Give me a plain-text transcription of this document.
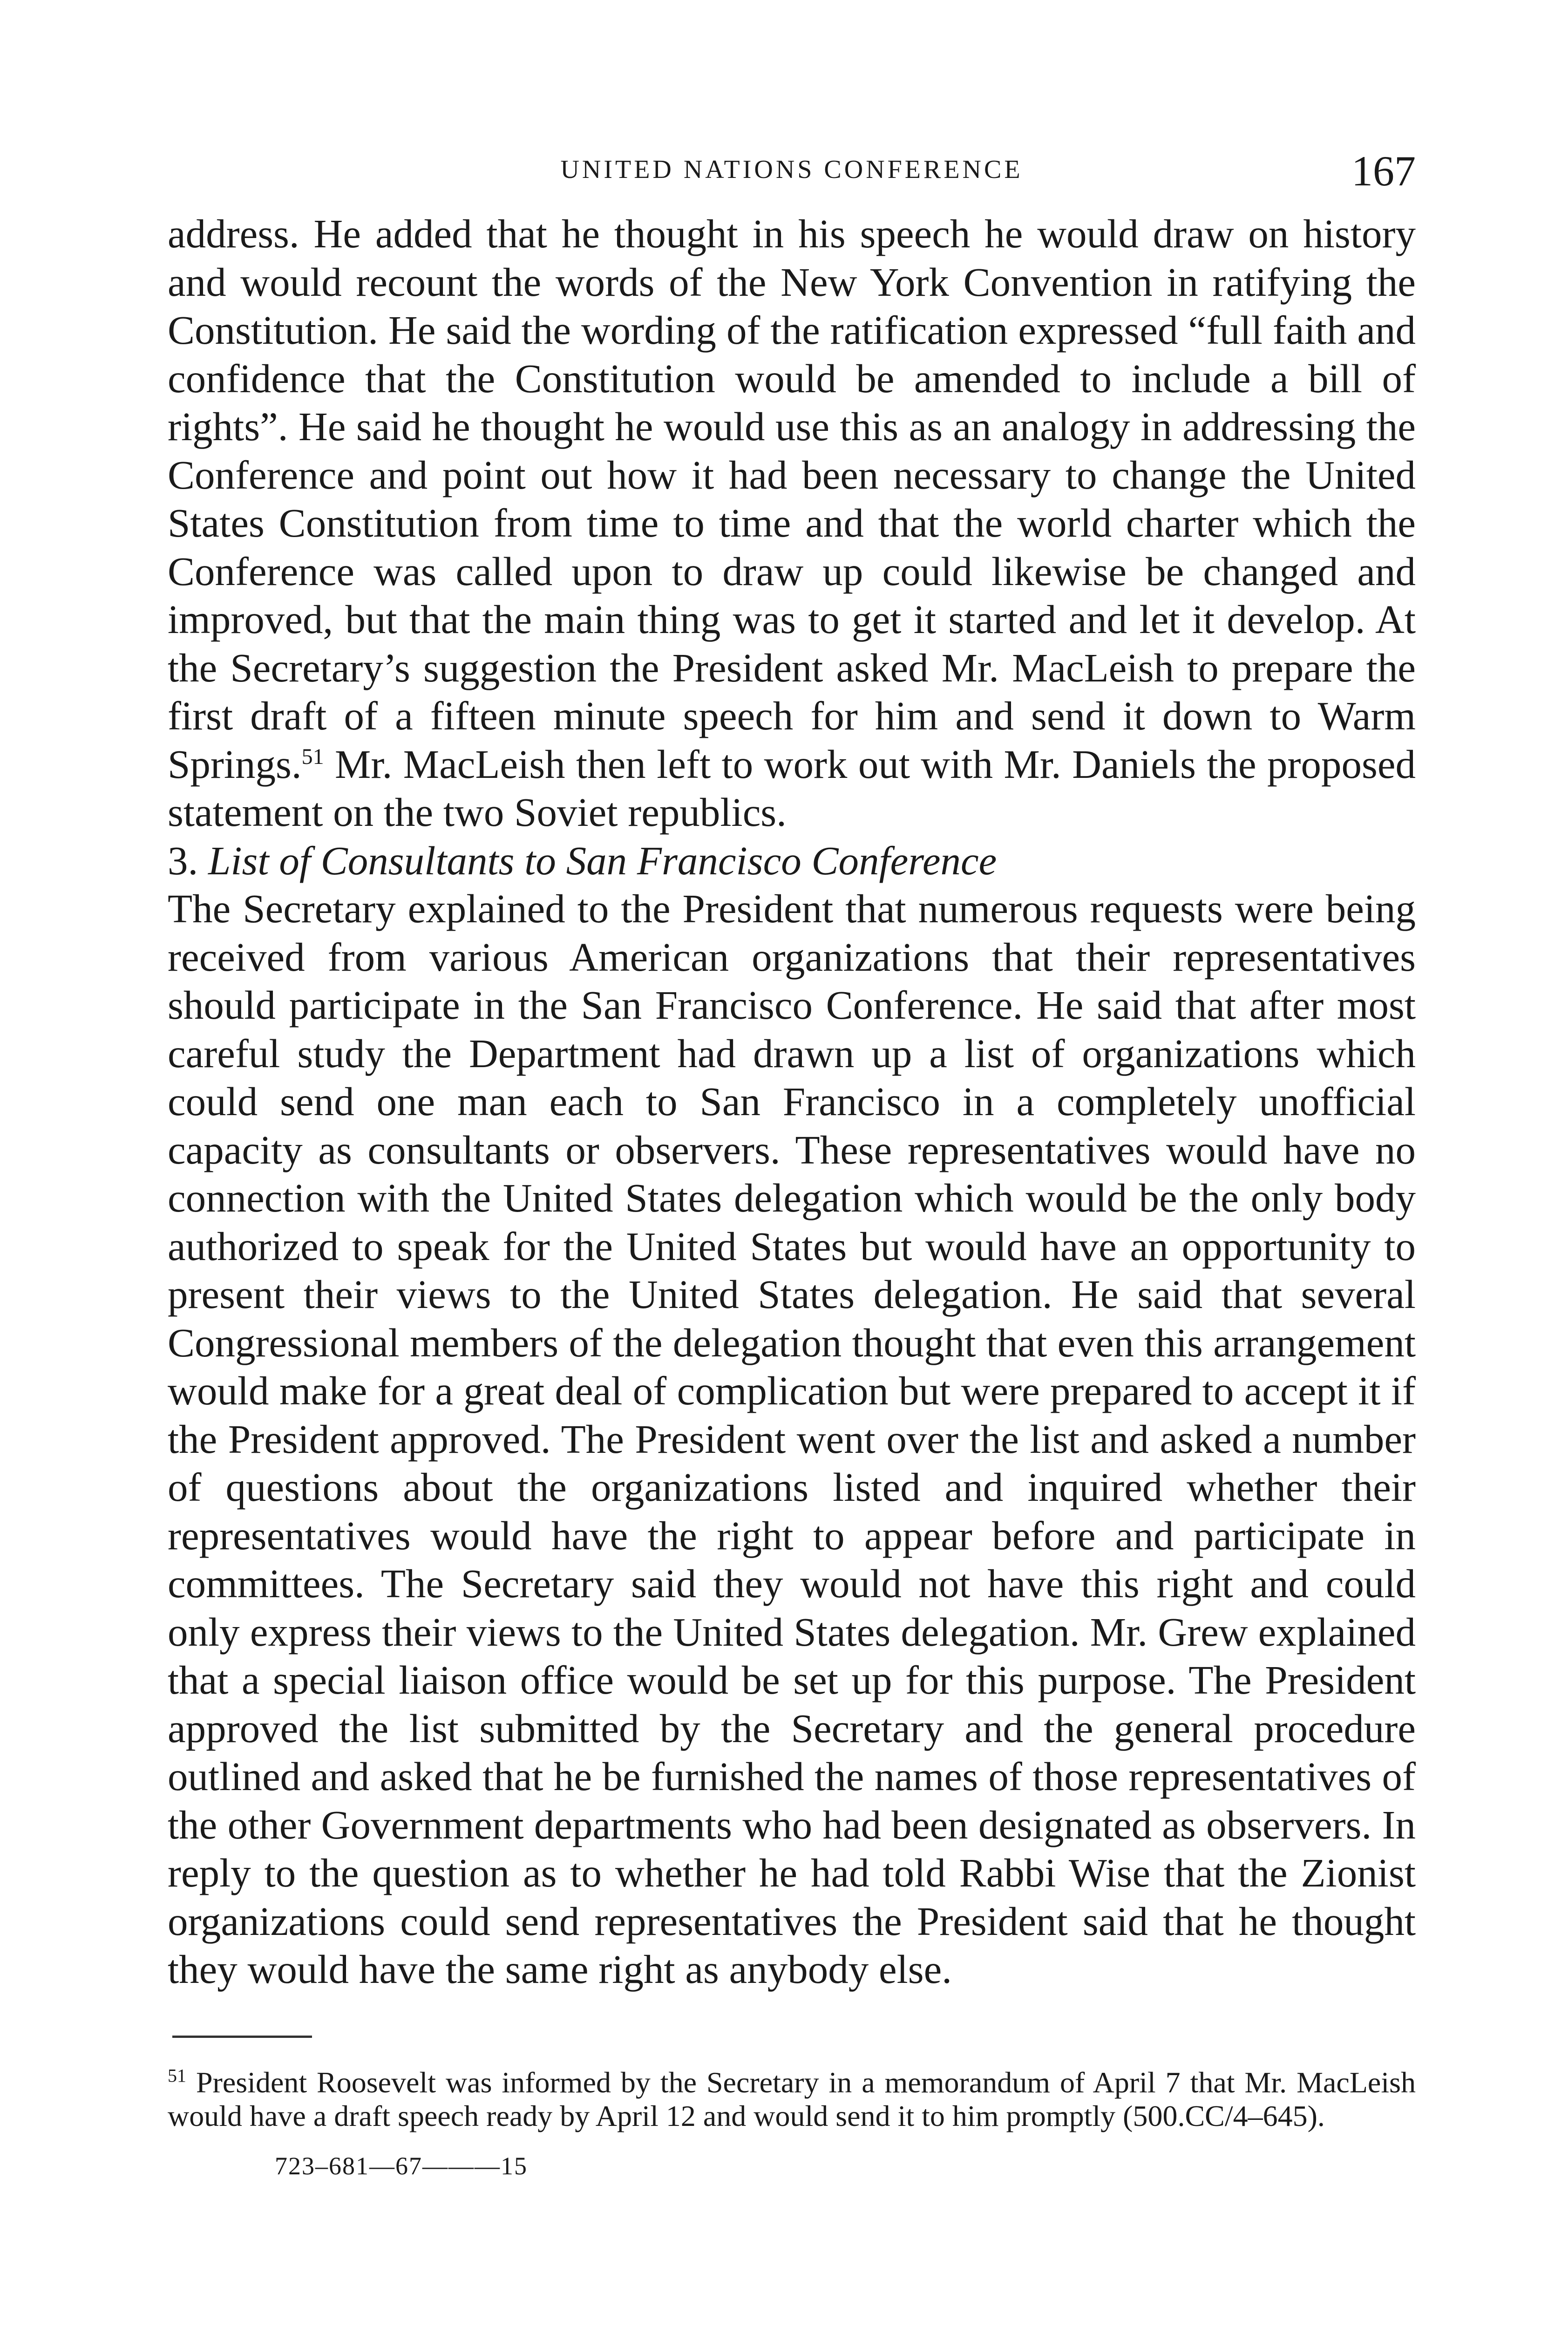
UNITED NATIONS CONFERENCE	167

address. He added that he thought in his speech he would draw on history and would recount the words of the New York Convention in ratifying the Constitution. He said the wording of the ratification expressed “full faith and confidence that the Constitution would be amended to include a bill of rights”. He said he thought he would use this as an analogy in addressing the Conference and point out how it had been necessary to change the United States Constitution from time to time and that the world charter which the Conference was called upon to draw up could likewise be changed and improved, but that the main thing was to get it started and let it develop. At the Secretary’s suggestion the President asked Mr. MacLeish to prepare the first draft of a fifteen minute speech for him and send it down to Warm Springs.$^{51}$ Mr. MacLeish then left to work out with Mr. Daniels the proposed statement on the two Soviet republics.

3. List of Consultants to San Francisco Conference

The Secretary explained to the President that numerous requests were being received from various American organizations that their representatives should participate in the San Francisco Conference. He said that after most careful study the Department had drawn up a list of organizations which could send one man each to San Francisco in a completely unofficial capacity as consultants or observers. These representatives would have no connection with the United States delegation which would be the only body authorized to speak for the United States but would have an opportunity to present their views to the United States delegation. He said that several Congressional members of the delegation thought that even this arrangement would make for a great deal of complication but were prepared to accept it if the President approved. The President went over the list and asked a number of questions about the organizations listed and inquired whether their representatives would have the right to appear before and participate in committees. The Secretary said they would not have this right and could only express their views to the United States delegation. Mr. Grew explained that a special liaison office would be set up for this purpose. The President approved the list submitted by the Secretary and the general procedure outlined and asked that he be furnished the names of those representatives of the other Government departments who had been designated as observers. In reply to the question as to whether he had told Rabbi Wise that the Zionist organizations could send representatives the President said that he thought they would have the same right as anybody else.

$^{51}$ President Roosevelt was informed by the Secretary in a memorandum of April 7 that Mr. MacLeish would have a draft speech ready by April 12 and would send it to him promptly (500.CC/4–645).
723–681—67———15
